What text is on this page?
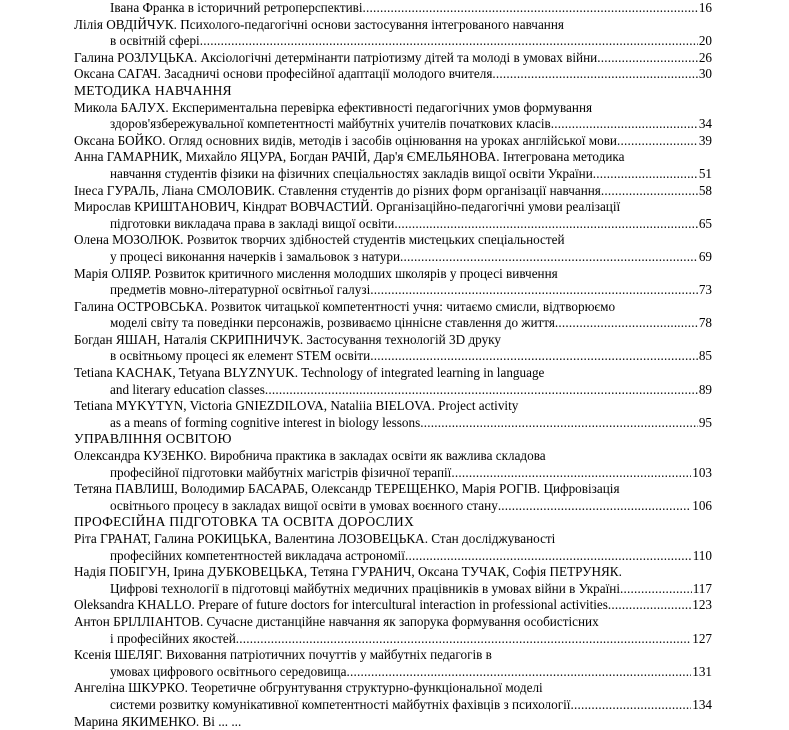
Івана Франка в історичний ретроперспективі	16
.....
Лілія ОВДІЙЧУК. Психолого-педагогічні основи застосування інтегрованого навчання
в освітній сфері	20
.....
Галина РОЗЛУЦЬКА. Аксіологічні детермінанти патріотизму дітей та молоді в умовах війни	26
.....
Оксана САГАЧ. Засадничі основи професійної адаптації молодого вчителя	30
.....
МЕТОДИКА НАВЧАННЯ
Микола БАЛУХ. Експериментальна перевірка ефективності педагогічних умов формування
здоров'язбережувальної компетентності майбутніх учителів початкових класів	34
.....
Оксана БОЙКО. Огляд основних видів, методів і засобів оцінювання на уроках англійської мови	39
.....
Анна ГАМАРНИК, Михайло ЯЦУРА, Богдан РАЧІЙ, Дар'я ЄМЕЛЬЯНОВА. Інтегрована методика
навчання студентів фізики на фізичних спеціальностях закладів вищої освіти України	51
.....
Інеса ГУРАЛЬ, Ліана СМОЛОВИК. Ставлення студентів до різних форм організації навчання	58
.....
Мирослав КРИШТАНОВИЧ, Кіндрат ВОВЧАСТИЙ. Організаційно-педагогічні умови реалізації
підготовки викладача права в закладі вищої освіти	65
.....
Олена МОЗОЛЮК. Розвиток творчих здібностей студентів мистецьких спеціальностей
у процесі виконання начерків і замальовок з натури	69
.....
Марія ОЛІЯР. Розвиток критичного мислення молодших школярів у процесі вивчення
предметів мовно-літературної освітньої галузі	73
.....
Галина ОСТРОВСЬКА. Розвиток читацької компетентності учня: читаємо смисли, відтворюємо
моделі світу та поведінки персонажів, розвиваємо ціннісне ставлення до життя	78
.....
Богдан ЯШАН, Наталія СКРИПНИЧУК. Застосування технологій 3D друку
в освітньому процесі як елемент STEM освіти	85
.....
Tetiana KACHAK, Tetyana BLYZNYUK. Technology of integrated learning in language
and literary education classes	89
.....
Tetiana MYKYTYN, Victoria GNIEZDILOVA, Nataliia BIELOVA. Project activity
as a means of forming cognitive interest in biology lessons	95
.....
УПРАВЛІННЯ ОСВІТОЮ
Олександра КУЗЕНКО. Виробнича практика в закладах освіти як важлива складова
професійної підготовки майбутніх магістрів фізичної терапії	103
.....
Тетяна ПАВЛИШ, Володимир БАСАРАБ, Олександр ТЕРЕЩЕНКО, Марія РОГІВ. Цифровізація
освітнього процесу в закладах вищої освіти в умовах воєнного стану	106
.....
ПРОФЕСІЙНА ПІДГОТОВКА ТА ОСВІТА ДОРОСЛИХ
Ріта ГРАНАТ, Галина РОКИЦЬКА, Валентина ЛОЗОВЕЦЬКА. Стан досліджуваності
професійних компетентностей викладача астрономії	110
.....
Надія ПОБІГУН, Ірина ДУБКОВЕЦЬКА, Тетяна ГУРАНИЧ, Оксана ТУЧАК, Софія ПЕТРУНЯК.
Цифрові технології в підготовці майбутніх медичних працівників в умовах війни в Україні	117
.....
Oleksandra KHALLO. Prepare of future doctors for intercultural interaction in professional activities	123
.....
Антон БРІЛЛІАНТОВ. Сучасне дистанційне навчання як запорука формування особистісних
і професійних якостей	127
.....
Ксенія ШЕЛЯГ. Виховання патріотичних почуттів у майбутніх педагогів в
умовах цифрового освітнього середовища	131
.....
Ангеліна ШКУРКО. Теоретичне обгрунтування структурно-функціональної моделі
системи розвитку комунікативної компетентності майбутніх фахівців з психології	134
.....
Марина ЯКИМЕНКО. Ві ... ...
